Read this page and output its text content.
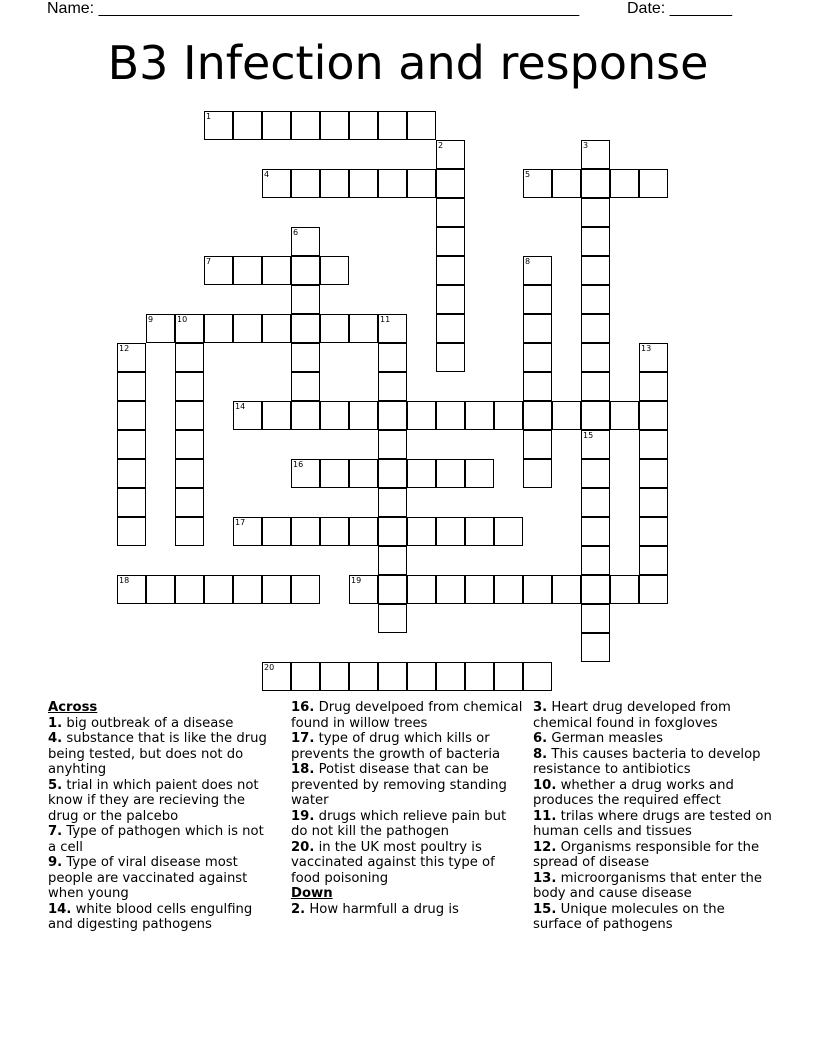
Name: ______________________________________________________	Date: _______
B3 Infection and response
1
4	5
7
9	10
14
16
17
18	19
20
2	3
6
8
11
12	13
15

Across

1. big outbreak of a disease

4. substance that is like the drug being tested, but does not do anyhting

5. trial in which paient does not know if they are recieving the drug or the palcebo

7. Type of pathogen which is not a cell

9. Type of viral disease most people are vaccinated against when young

14. white blood cells engulfing and digesting pathogens

16. Drug develpoed from chemical found in willow trees

17. type of drug which kills or prevents the growth of bacteria

18. Potist disease that can be prevented by removing standing water

19. drugs which relieve pain but do not kill the pathogen

20. in the UK most poultry is vaccinated against this type of food poisoning

Down

2. How harmfull a drug is

3. Heart drug developed from chemical found in foxgloves

6. German measles

8. This causes bacteria to develop resistance to antibiotics

10. whether a drug works and produces the required effect

11. trilas where drugs are tested on human cells and tissues

12. Organisms responsible for the spread of disease

13. microorganisms that enter the body and cause disease

15. Unique molecules on the surface of pathogens
